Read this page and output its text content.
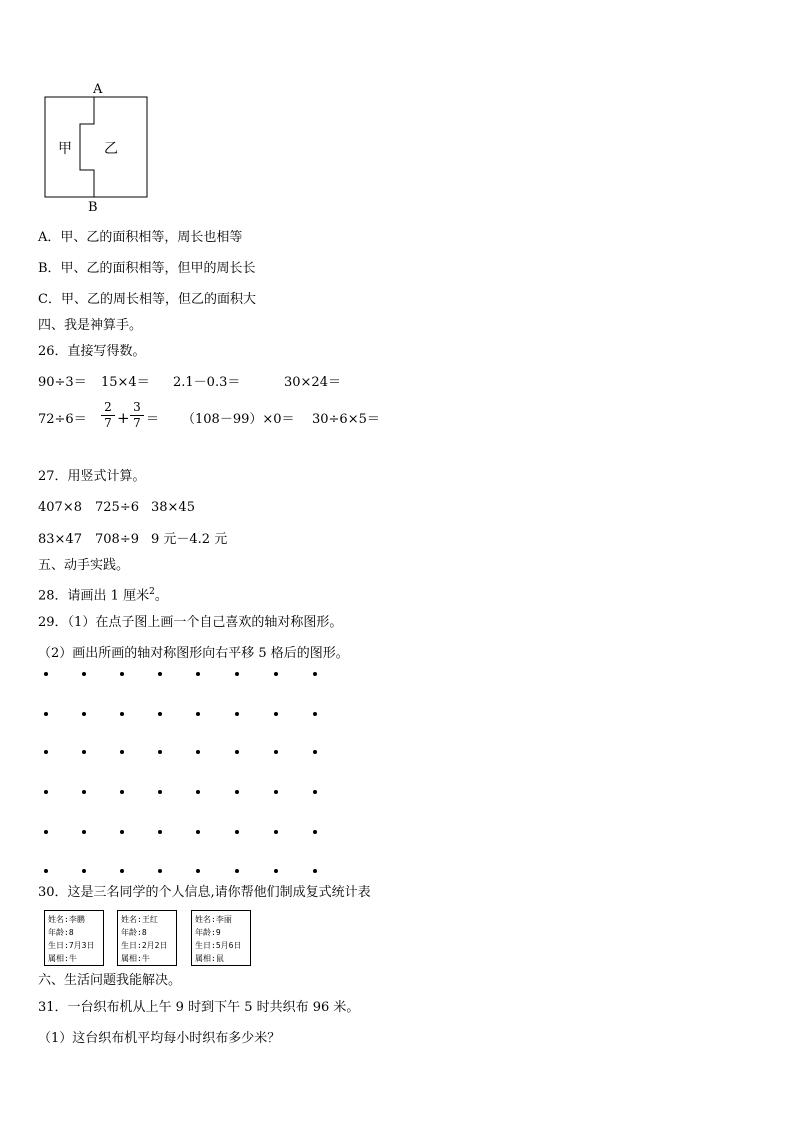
A
B
甲 乙
A．甲、乙的面积相等，周长也相等
B．甲、乙的面积相等，但甲的周长长
C．甲、乙的周长相等，但乙的面积大
四、我是神算手。
26．直接写得数。
90÷3＝ 15×4＝ 2.1－0.3＝	30×24＝
72÷6＝
2
7 +
3
7 ＝ （108－99）×0＝ 30÷6×5＝
27．用竖式计算。
407×8 725÷6 38×45
83×47 708÷9 9 元－4.2 元
五、动手实践。
28．请画出 1 厘米$^2$。
29．（1）在点子图上画一个自己喜欢的轴对称图形。
（2）画出所画的轴对称图形向右平移 5 格后的图形。
30．这是三名同学的个人信息,请你帮他们制成复式统计表
姓名:李鹏
年龄:8
生日:7月3日
属相:牛
姓名:王红
年龄:8
生日:2月2日
属相:牛
姓名:李丽
年龄:9
生日:5月6日
属相:鼠
六、生活问题我能解决。
31．一台织布机从上午 9 时到下午 5 时共织布 96 米。
（1）这台织布机平均每小时织布多少米？
